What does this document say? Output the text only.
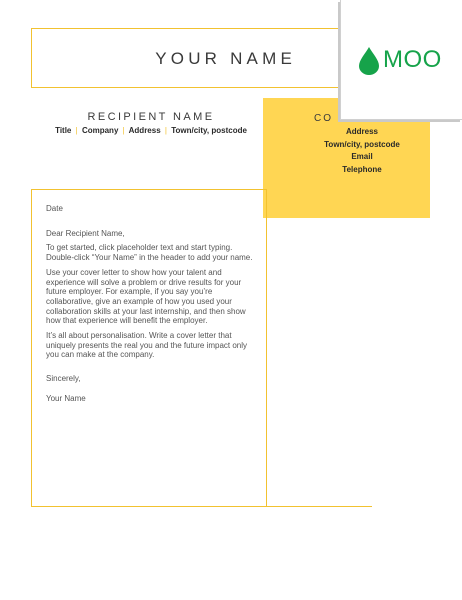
YOUR NAME
RECIPIENT NAME
Title | Company | Address | Town/city, postcode
CO
Address
Town/city, postcode
Email
Telephone
MOO

Date

Dear Recipient Name,

To get started, click placeholder text and start typing. Double-click “Your Name” in the header to add your name.

Use your cover letter to show how your talent and experience will solve a problem or drive results for your future employer. For example, if you say you’re collaborative, give an example of how you used your collaboration skills at your last internship, and then show how that experience will benefit the employer.

It’s all about personalisation. Write a cover letter that uniquely presents the real you and the future impact only you can make at the company.

Sincerely,

Your Name
